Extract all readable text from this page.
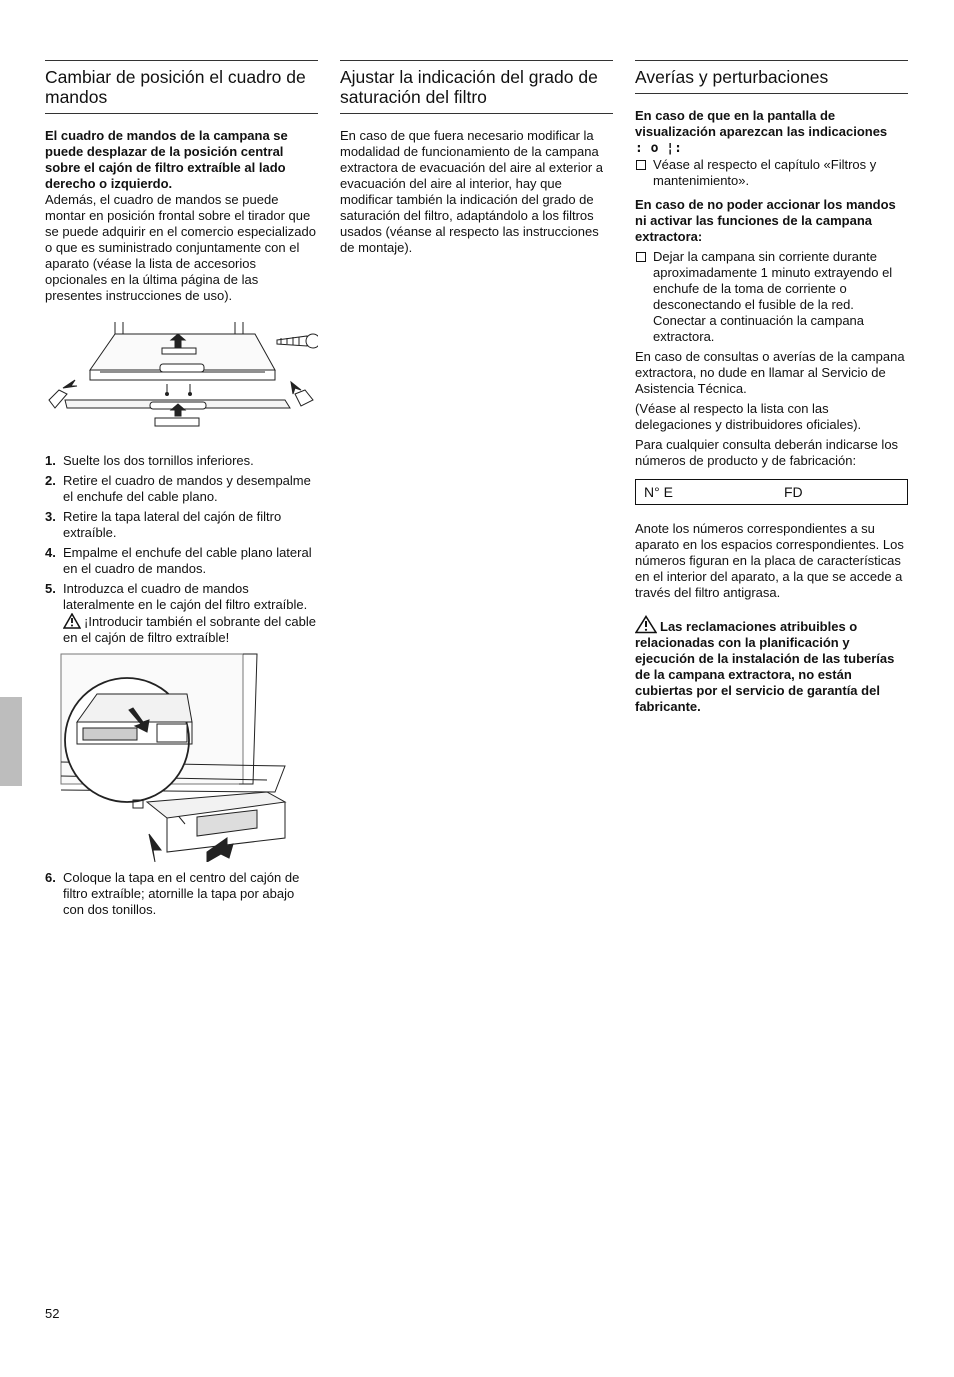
Cambiar de posición el cuadro de mandos

El cuadro de mandos de la campana se puede desplazar de la posición central sobre el cajón de filtro extraíble al lado derecho o izquierdo.

Además, el cuadro de mandos se puede montar en posición frontal sobre el tirador que se puede adquirir en el comercio especializado o que es suministrado conjuntamente con el aparato (véase la lista de accesorios opcionales en la última página de las presentes instrucciones de uso).

1. Suelte los dos tornillos inferiores.
2. Retire el cuadro de mandos y desempalme el enchufe del cable plano.
3. Retire la tapa lateral del cajón de filtro extraíble.
4. Empalme el enchufe del cable plano lateral en el cuadro de mandos.
5. Introduzca el cuadro de mandos lateralmente en le cajón del filtro extraíble.
¡Introducir también el sobrante del cable en el cajón de filtro extraíble!
6. Coloque la tapa en el centro del cajón de filtro extraíble; atornille la tapa por abajo con dos tonillos.
Ajustar la indicación del grado de saturación del filtro

En caso de que fuera necesario modificar la modalidad de funcionamiento de la campana extractora de evacuación del aire al exterior a evacuación del aire al interior, hay que modificar también la indicación del grado de saturación del filtro, adaptándolo a los filtros usados (véanse al respecto las instrucciones de montaje).

Averías y perturbaciones

En caso de que en la pantalla de visualización aparezcan las indicaciones
: o ¦:

Véase al respecto el capítulo «Filtros y mantenimiento».

En caso de no poder accionar los mandos ni activar las funciones de la campana extractora:

Dejar la campana sin corriente durante aproximadamente 1 minuto extrayendo el enchufe de la toma de corriente o desconectando el fusible de la red. Conectar a continuación la campana extractora.

En caso de consultas o averías de la campana extractora, no dude en llamar al Servicio de Asistencia Técnica.

(Véase al respecto la lista con las delegaciones y distribuidores oficiales).

Para cualquier consulta deberán indicarse los números de producto y de fabricación:

N° E	FD

Anote los números correspondientes a su aparato en los espacios correspondientes. Los números figuran en la placa de características en el interior del aparato, a la que se accede a través del filtro antigrasa.

Las reclamaciones atribuibles o relacionadas con la planificación y ejecución de la instalación de las tuberías de la campana extractora, no están cubiertas por el servicio de garantía del fabricante.

52
